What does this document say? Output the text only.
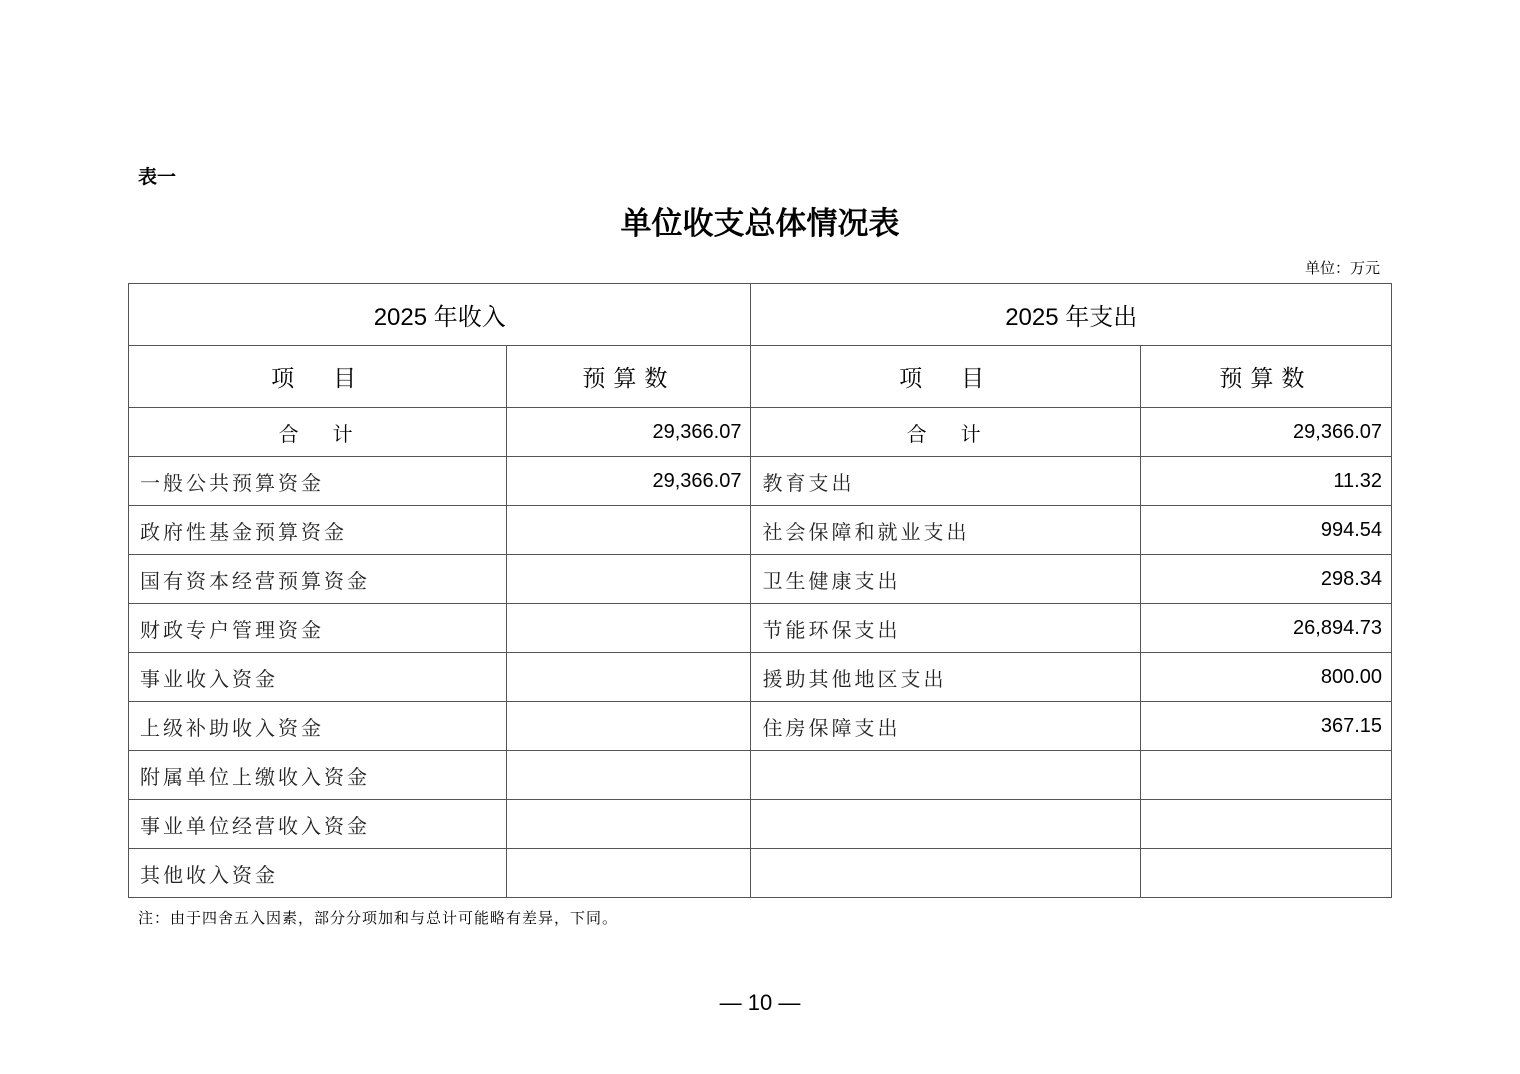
表一
单位收支总体情况表
单位：万元
2025 年收入		2025 年支出	
项　目	预算数	项　目	预算数
合计	29,366.07	合计	29,366.07
一般公共预算资金	29,366.07	教育支出	11.32
政府性基金预算资金		社会保障和就业支出	994.54
国有资本经营预算资金		卫生健康支出	298.34
财政专户管理资金		节能环保支出	26,894.73
事业收入资金		援助其他地区支出	800.00
上级补助收入资金		住房保障支出	367.15
附属单位上缴收入资金			
事业单位经营收入资金			
其他收入资金			
注：由于四舍五入因素，部分分项加和与总计可能略有差异，下同。
— 10 —
